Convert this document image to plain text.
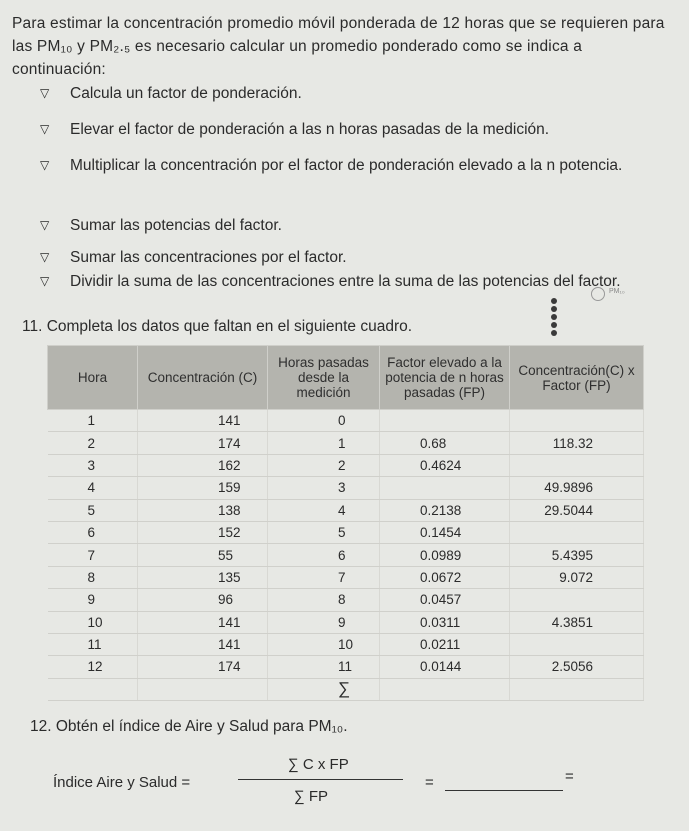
Para estimar la concentración promedio móvil ponderada de 12 horas que se requieren para las PM₁₀ y PM₂.₅ es necesario calcular un promedio ponderado como se indica a continuación:
▽	Calcula un factor de ponderación.
▽	Elevar el factor de ponderación a las n horas pasadas de la medición.
▽	Multiplicar la concentración por el factor de ponderación elevado a la n potencia.
▽	Sumar las potencias del factor.
▽	Sumar las concentraciones por el factor.
▽	Dividir la suma de las concentraciones entre la suma de las potencias del factor.
PM₁₀
11. Completa los datos que faltan en el siguiente cuadro.
Hora	Concentración (C)	Horas pasadas desde la medición	Factor elevado a la potencia de n horas pasadas (FP)	Concentración(C) x Factor (FP)
1	141	0		
2	174	1	0.68	118.32
3	162	2	0.4624	
4	159	3		49.9896
5	138	4	0.2138	29.5044
6	152	5	0.1454	
7	55	6	0.0989	5.4395
8	135	7	0.0672	9.072
9	96	8	0.0457	
10	141	9	0.0311	4.3851
11	141	10	0.0211	
12	174	11	0.0144	2.5056
		∑		
12. Obtén el índice de Aire y Salud para PM₁₀.
Índice Aire y Salud =
∑ C x FP
∑ FP
=	=
